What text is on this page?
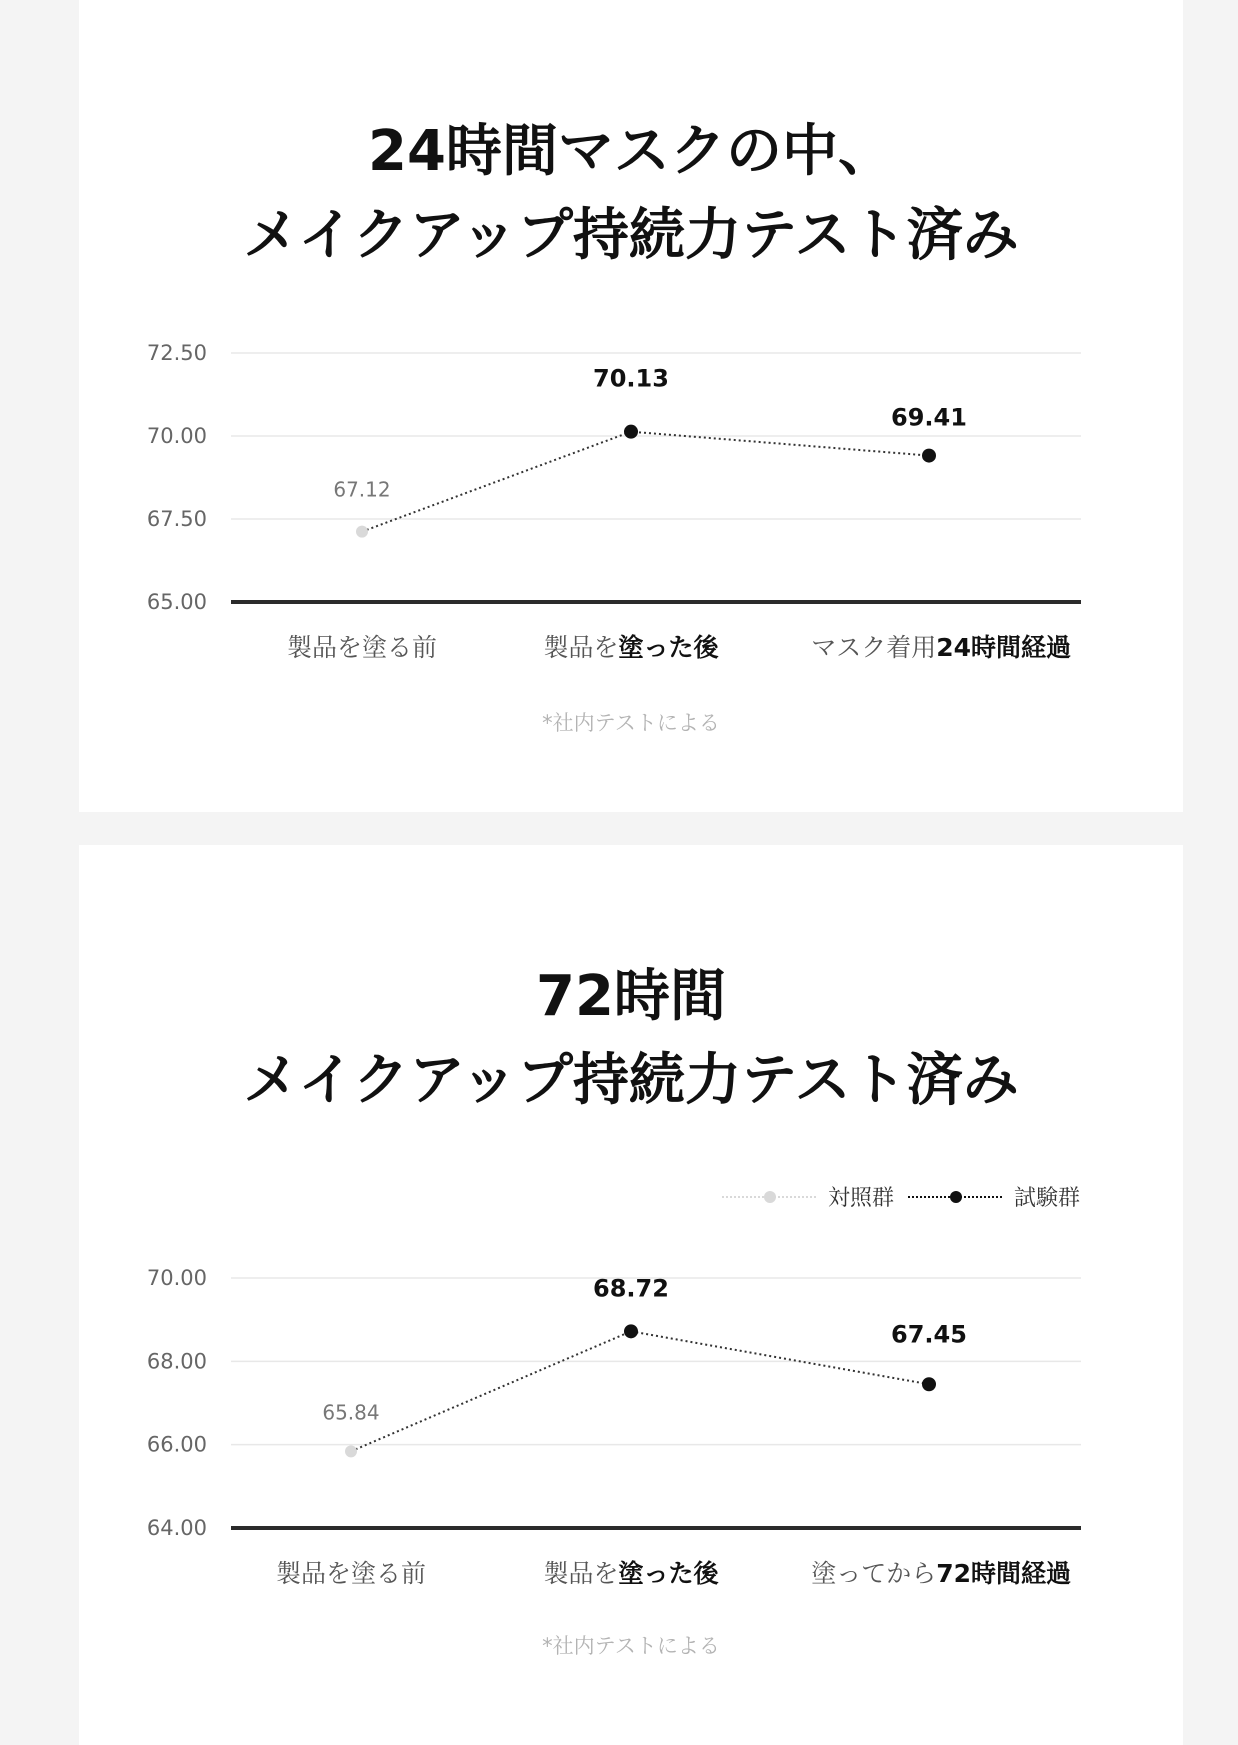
24時間マスクの中、
メイクアップ持続力テスト済み
72.50
70.00
67.50
65.00
67.12
70.13
69.41
製品を塗る前	製品を塗った後	マスク着用24時間経過
*社内テストによる
72時間
メイクアップ持続力テスト済み
対照群	試験群
70.00
68.00
66.00
64.00
65.84
68.72
67.45
製品を塗る前	製品を塗った後	塗ってから72時間経過
*社内テストによる
